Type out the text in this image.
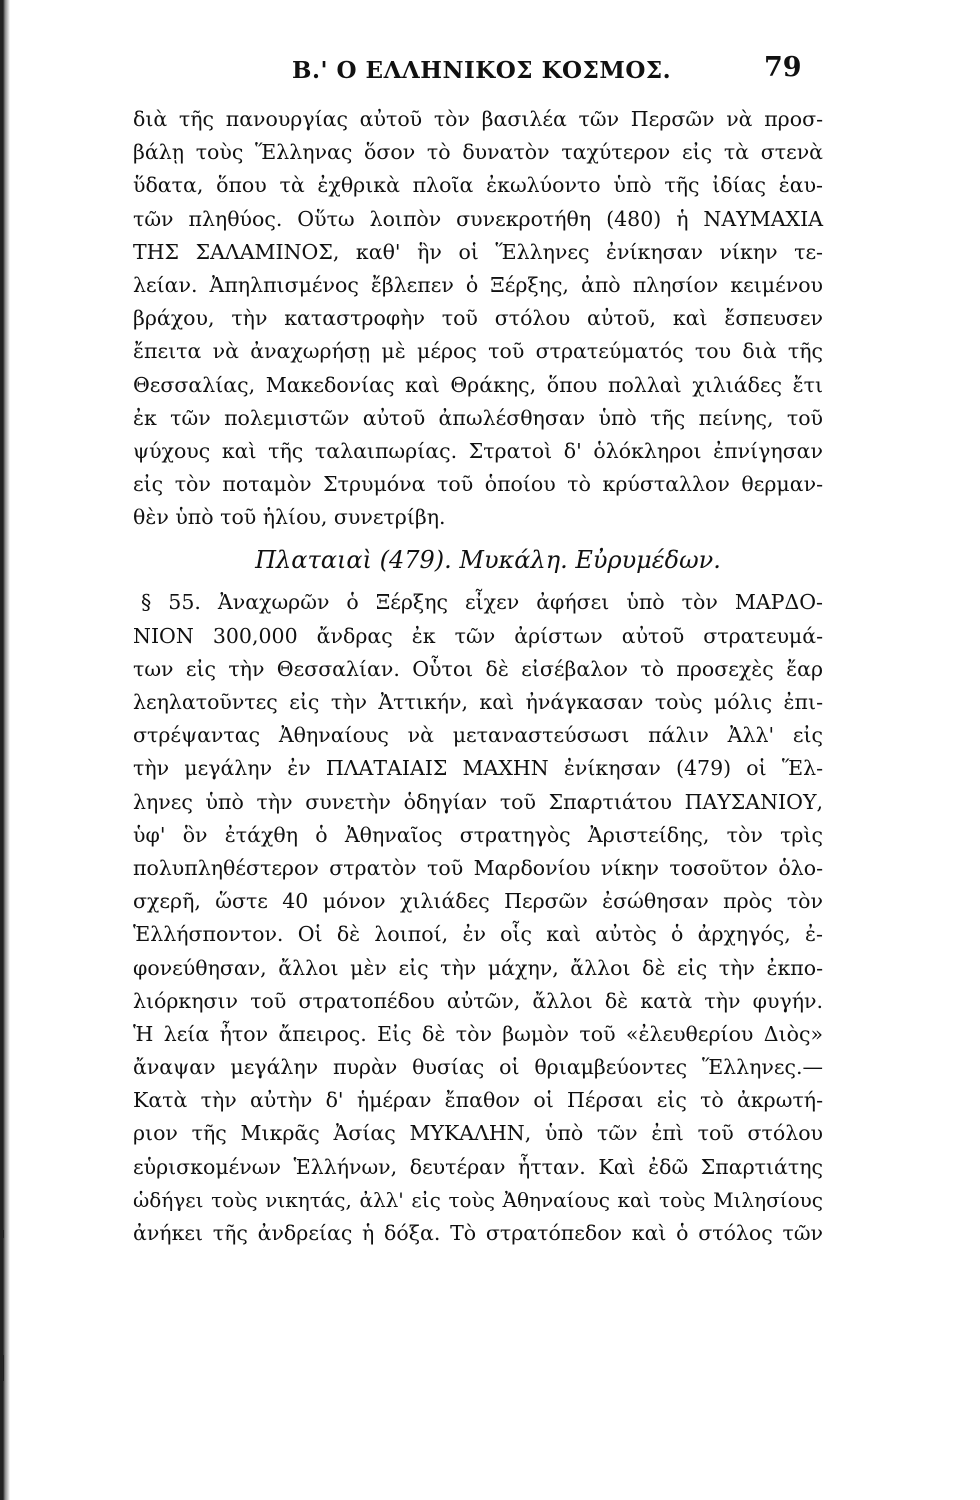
Β.' Ο ΕΛΛΗΝΙΚΟΣ ΚΟΣΜΟΣ.	79
διὰ τῆς πανουργίας αὐτοῦ τὸν βασιλέα τῶν Περσῶν νὰ προσ-
βάλῃ τοὺς Ἕλληνας ὅσον τὸ δυνατὸν ταχύτερον εἰς τὰ στενὰ
ὕδατα, ὅπου τὰ ἐχθρικὰ πλοῖα ἐκωλύοντο ὑπὸ τῆς ἰδίας ἑαυ-
τῶν πληθύος. Οὕτω λοιπὸν συνεκροτήθη (480) ἡ ΝΑΥΜΑΧΙΑ
ΤΗΣ ΣΑΛΑΜΙΝΟΣ, καθ' ἣν οἱ Ἕλληνες ἐνίκησαν νίκην τε-
λείαν. Ἀπηλπισμένος ἔβλεπεν ὁ Ξέρξης, ἀπὸ πλησίον κειμένου
βράχου, τὴν καταστροφὴν τοῦ στόλου αὐτοῦ, καὶ ἔσπευσεν
ἔπειτα νὰ ἀναχωρήσῃ μὲ μέρος τοῦ στρατεύματός του διὰ τῆς
Θεσσαλίας, Μακεδονίας καὶ Θράκης, ὅπου πολλαὶ χιλιάδες ἔτι
ἐκ τῶν πολεμιστῶν αὐτοῦ ἀπωλέσθησαν ὑπὸ τῆς πείνης, τοῦ
ψύχους καὶ τῆς ταλαιπωρίας. Στρατοὶ δ' ὁλόκληροι ἐπνίγησαν
εἰς τὸν ποταμὸν Στρυμόνα τοῦ ὁποίου τὸ κρύσταλλον θερμαν-
θὲν ὑπὸ τοῦ ἡλίου, συνετρίβη.
Πλαταιαὶ (479). Μυκάλη. Εὐρυμέδων.
§ 55. Ἀναχωρῶν ὁ Ξέρξης εἶχεν ἀφήσει ὑπὸ τὸν ΜΑΡΔΟ-
ΝΙΟΝ 300,000 ἄνδρας ἐκ τῶν ἀρίστων αὐτοῦ στρατευμά-
των εἰς τὴν Θεσσαλίαν. Οὗτοι δὲ εἰσέβαλον τὸ προσεχὲς ἔαρ
λεηλατοῦντες εἰς τὴν Ἀττικήν, καὶ ἠνάγκασαν τοὺς μόλις ἐπι-
στρέψαντας Ἀθηναίους νὰ μεταναστεύσωσι πάλιν Ἀλλ' εἰς
τὴν μεγάλην ἐν ΠΛΑΤΑΙΑΙΣ ΜΑΧΗΝ ἐνίκησαν (479) οἱ Ἕλ-
ληνες ὑπὸ τὴν συνετὴν ὁδηγίαν τοῦ Σπαρτιάτου ΠΑΥΣΑΝΙΟΥ,
ὑφ' ὃν ἐτάχθη ὁ Ἀθηναῖος στρατηγὸς Ἀριστείδης, τὸν τρὶς
πολυπληθέστερον στρατὸν τοῦ Μαρδονίου νίκην τοσοῦτον ὁλο-
σχερῆ, ὥστε 40 μόνον χιλιάδες Περσῶν ἐσώθησαν πρὸς τὸν
Ἑλλήσποντον. Οἱ δὲ λοιποί, ἐν οἷς καὶ αὐτὸς ὁ ἀρχηγός, ἐ-
φονεύθησαν, ἄλλοι μὲν εἰς τὴν μάχην, ἄλλοι δὲ εἰς τὴν ἐκπο-
λιόρκησιν τοῦ στρατοπέδου αὐτῶν, ἄλλοι δὲ κατὰ τὴν φυγήν.
Ἡ λεία ἦτον ἄπειρος. Εἰς δὲ τὸν βωμὸν τοῦ «ἐλευθερίου Διὸς»
ἄναψαν μεγάλην πυρὰν θυσίας οἱ θριαμβεύοντες Ἕλληνες.—
Κατὰ τὴν αὐτὴν δ' ἡμέραν ἔπαθον οἱ Πέρσαι εἰς τὸ ἀκρωτή-
ριον τῆς Μικρᾶς Ἀσίας ΜΥΚΑΛΗΝ, ὑπὸ τῶν ἐπὶ τοῦ στόλου
εὑρισκομένων Ἑλλήνων, δευτέραν ἧτταν. Καὶ ἐδῶ Σπαρτιάτης
ὡδήγει τοὺς νικητάς, ἀλλ' εἰς τοὺς Ἀθηναίους καὶ τοὺς Μιλησίους
ἀνήκει τῆς ἀνδρείας ἡ δόξα. Τὸ στρατόπεδον καὶ ὁ στόλος τῶν
